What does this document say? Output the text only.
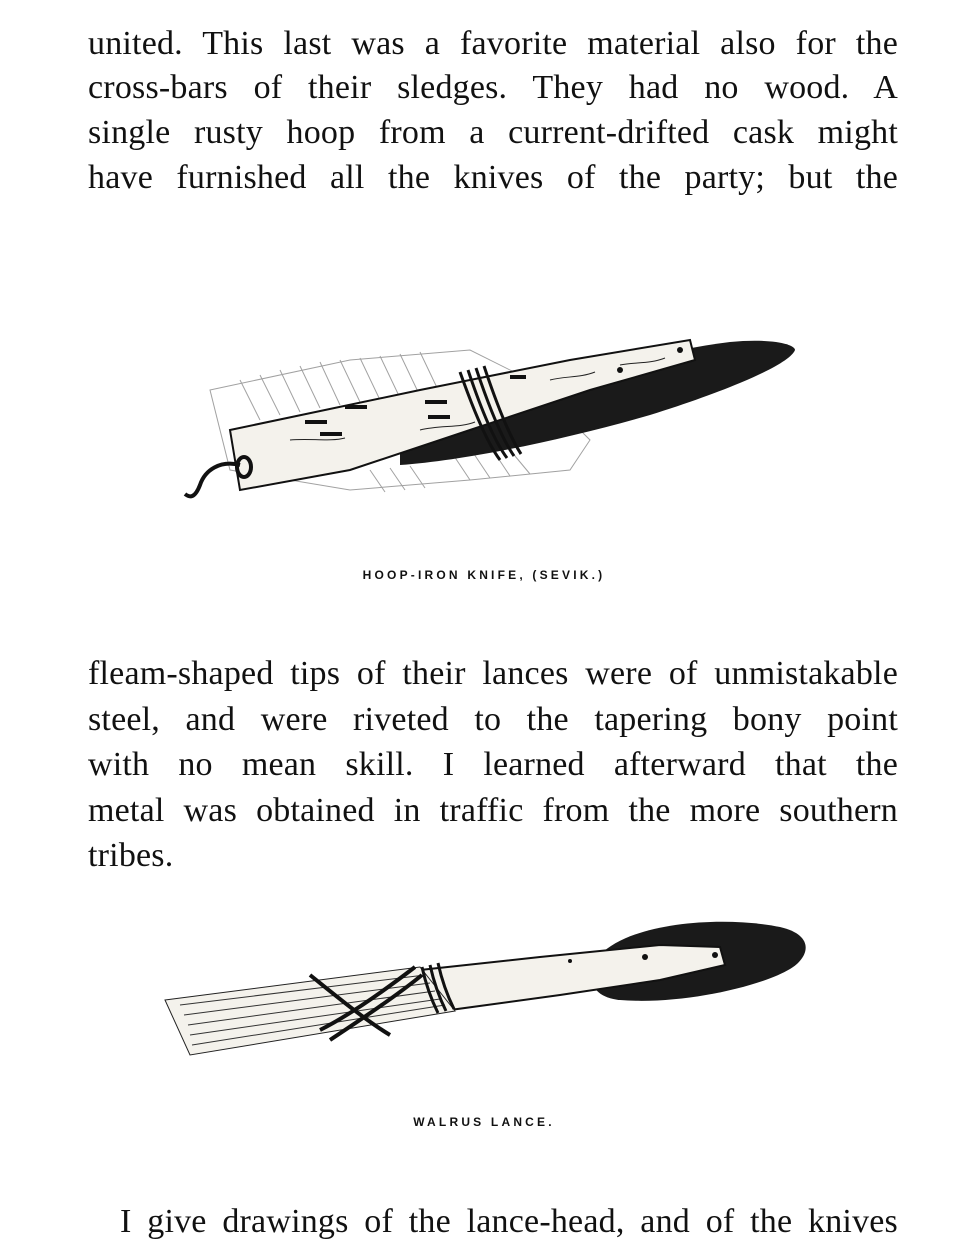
united. This last was a favorite material also for the
cross-bars of their sledges. They had no wood. A
single rusty hoop from a current-drifted cask might
have furnished all the knives of the party; but the
HOOP-IRON KNIFE, (SEVIK.)
fleam-shaped tips of their lances were of unmistakable
steel, and were riveted to the tapering bony point
with no mean skill. I learned afterward that the
metal was obtained in traffic from the more southern
tribes.
WALRUS LANCE.
I give drawings of the lance-head, and of the knives
